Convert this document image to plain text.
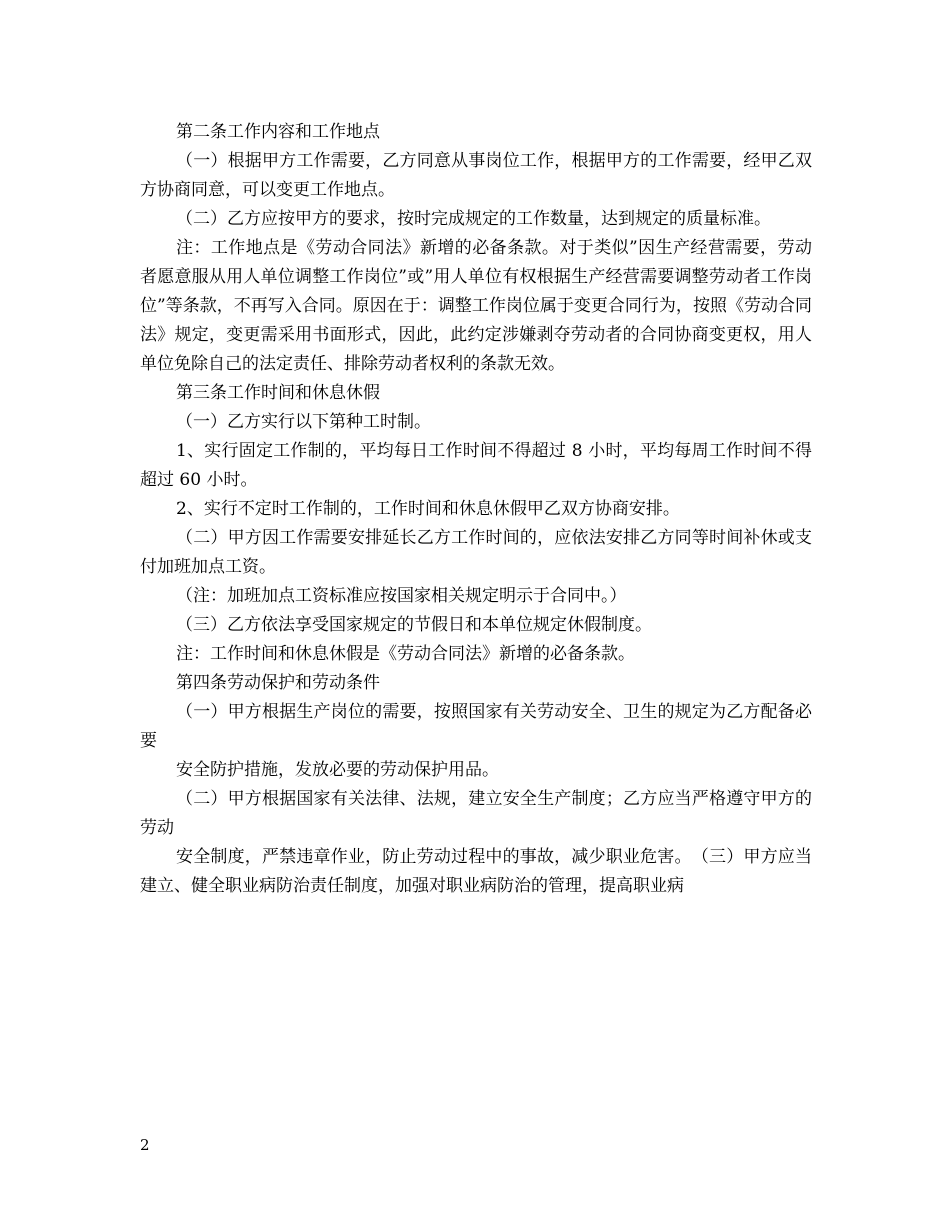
第二条工作内容和工作地点

（一）根据甲方工作需要，乙方同意从事岗位工作，根据甲方的工作需要，经甲乙双方协商同意，可以变更工作地点。

（二）乙方应按甲方的要求，按时完成规定的工作数量，达到规定的质量标准。

注：工作地点是《劳动合同法》新增的必备条款。对于类似”因生产经营需要，劳动者愿意服从用人单位调整工作岗位”或”用人单位有权根据生产经营需要调整劳动者工作岗位”等条款，不再写入合同。原因在于：调整工作岗位属于变更合同行为，按照《劳动合同法》规定，变更需采用书面形式，因此，此约定涉嫌剥夺劳动者的合同协商变更权，用人单位免除自己的法定责任、排除劳动者权利的条款无效。

第三条工作时间和休息休假

（一）乙方实行以下第种工时制。

1、实行固定工作制的，平均每日工作时间不得超过 8 小时，平均每周工作时间不得超过 60 小时。

2、实行不定时工作制的，工作时间和休息休假甲乙双方协商安排。

（二）甲方因工作需要安排延长乙方工作时间的，应依法安排乙方同等时间补休或支付加班加点工资。

（注：加班加点工资标准应按国家相关规定明示于合同中。）

（三）乙方依法享受国家规定的节假日和本单位规定休假制度。

注：工作时间和休息休假是《劳动合同法》新增的必备条款。

第四条劳动保护和劳动条件

（一）甲方根据生产岗位的需要，按照国家有关劳动安全、卫生的规定为乙方配备必要

安全防护措施，发放必要的劳动保护用品。

（二）甲方根据国家有关法律、法规，建立安全生产制度；乙方应当严格遵守甲方的劳动

安全制度，严禁违章作业，防止劳动过程中的事故，减少职业危害。　（三）甲方应当建立、健全职业病防治责任制度，加强对职业病防治的管理，提高职业病

2
